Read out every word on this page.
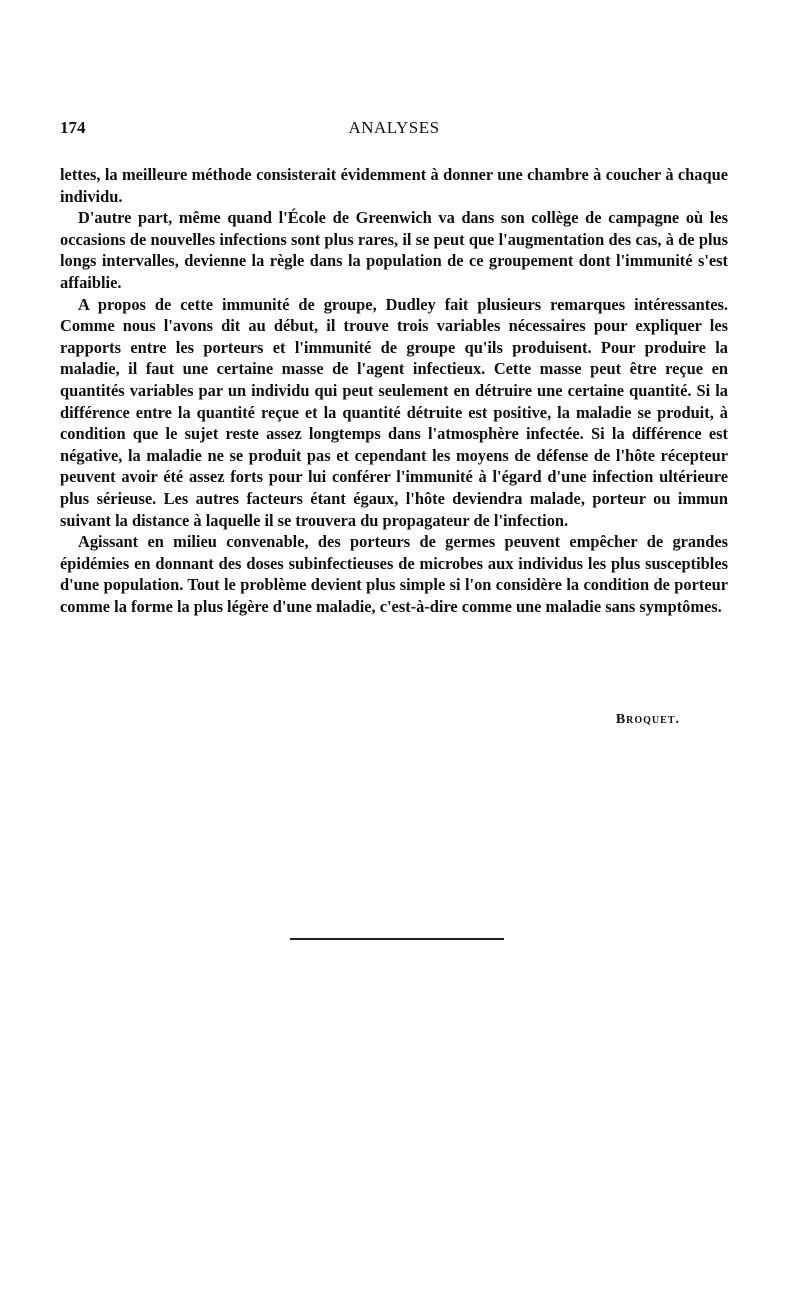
174	ANALYSES

lettes, la meilleure méthode consisterait évidemment à donner une chambre à coucher à chaque individu.

D'autre part, même quand l'École de Greenwich va dans son collège de campagne où les occasions de nouvelles infections sont plus rares, il se peut que l'augmentation des cas, à de plus longs intervalles, devienne la règle dans la population de ce groupement dont l'immunité s'est affaiblie.

A propos de cette immunité de groupe, Dudley fait plusieurs remarques intéressantes. Comme nous l'avons dit au début, il trouve trois variables nécessaires pour expliquer les rapports entre les porteurs et l'immunité de groupe qu'ils produisent. Pour produire la maladie, il faut une certaine masse de l'agent infectieux. Cette masse peut être reçue en quantités variables par un individu qui peut seulement en détruire une certaine quantité. Si la différence entre la quantité reçue et la quantité détruite est positive, la maladie se produit, à condition que le sujet reste assez longtemps dans l'atmosphère infectée. Si la différence est négative, la maladie ne se produit pas et cependant les moyens de défense de l'hôte récepteur peuvent avoir été assez forts pour lui conférer l'immunité à l'égard d'une infection ultérieure plus sérieuse. Les autres facteurs étant égaux, l'hôte deviendra malade, porteur ou immun suivant la distance à laquelle il se trouvera du propagateur de l'infection.

Agissant en milieu convenable, des porteurs de germes peuvent empêcher de grandes épidémies en donnant des doses subinfectieuses de microbes aux individus les plus susceptibles d'une population. Tout le problème devient plus simple si l'on considère la condition de porteur comme la forme la plus légère d'une maladie, c'est-à-dire comme une maladie sans symptômes.

Broquet.
